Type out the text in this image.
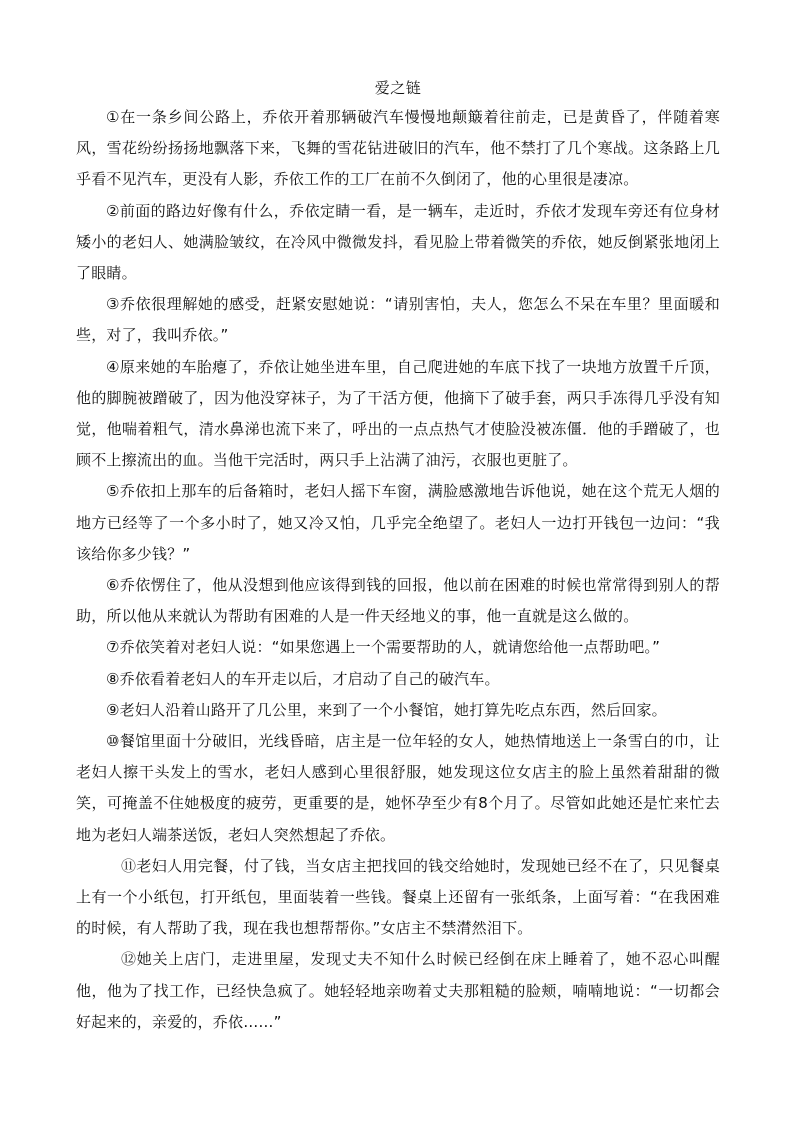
爱之链

①在一条乡间公路上，乔依开着那辆破汽车慢慢地颠簸着往前走，已是黄昏了，伴随着寒风，雪花纷纷扬扬地飘落下来，飞舞的雪花钻进破旧的汽车，他不禁打了几个寒战。这条路上几乎看不见汽车，更没有人影，乔依工作的工厂在前不久倒闭了，他的心里很是凄凉。

②前面的路边好像有什么，乔依定睛一看，是一辆车，走近时，乔依才发现车旁还有位身材矮小的老妇人、她满脸皱纹，在冷风中微微发抖，看见脸上带着微笑的乔依，她反倒紧张地闭上了眼睛。

③乔依很理解她的感受，赶紧安慰她说：“请别害怕，夫人，您怎么不呆在车里？里面暖和些，对了，我叫乔依。”

④原来她的车胎瘪了，乔依让她坐进车里，自己爬进她的车底下找了一块地方放置千斤顶，他的脚腕被蹭破了，因为他没穿袜子，为了干活方便，他摘下了破手套，两只手冻得几乎没有知觉，他喘着粗气，清水鼻涕也流下来了，呼出的一点点热气才使脸没被冻僵．他的手蹭破了，也顾不上擦流出的血。当他干完活时，两只手上沾满了油污，衣服也更脏了。

⑤乔依扣上那车的后备箱时，老妇人摇下车窗，满脸感激地告诉他说，她在这个荒无人烟的地方已经等了一个多小时了，她又冷又怕，几乎完全绝望了。老妇人一边打开钱包一边问：“我该给你多少钱？”

⑥乔依愣住了，他从没想到他应该得到钱的回报，他以前在困难的时候也常常得到别人的帮助，所以他从来就认为帮助有困难的人是一件天经地义的事，他一直就是这么做的。

⑦乔依笑着对老妇人说：“如果您遇上一个需要帮助的人，就请您给他一点帮助吧。”

⑧乔依看着老妇人的车开走以后，才启动了自己的破汽车。

⑨老妇人沿着山路开了几公里，来到了一个小餐馆，她打算先吃点东西，然后回家。

⑩餐馆里面十分破旧，光线昏暗，店主是一位年轻的女人，她热情地送上一条雪白的巾，让老妇人擦干头发上的雪水，老妇人感到心里很舒服，她发现这位女店主的脸上虽然着甜甜的微笑，可掩盖不住她极度的疲劳，更重要的是，她怀孕至少有8个月了。尽管如此她还是忙来忙去地为老妇人端茶送饭，老妇人突然想起了乔依。

⑪老妇人用完餐，付了钱，当女店主把找回的钱交给她时，发现她已经不在了，只见餐桌上有一个小纸包，打开纸包，里面装着一些钱。餐桌上还留有一张纸条，上面写着：“在我困难的时候，有人帮助了我，现在我也想帮帮你。”女店主不禁潸然泪下。

⑫她关上店门，走进里屋，发现丈夫不知什么时候已经倒在床上睡着了，她不忍心叫醒他，他为了找工作，已经快急疯了。她轻轻地亲吻着丈夫那粗糙的脸颊，喃喃地说：“一切都会好起来的，亲爱的，乔依……”
